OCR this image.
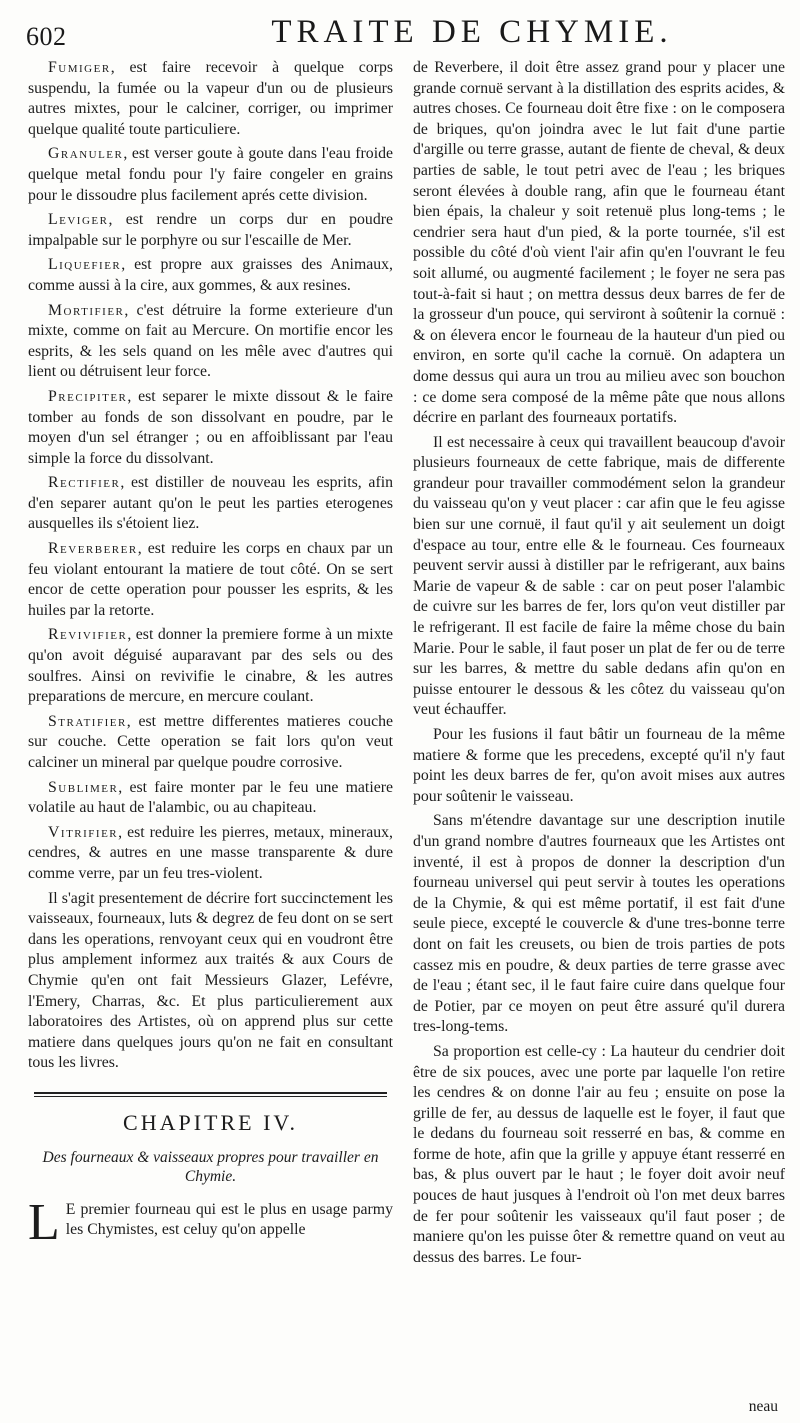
602	TRAITE DE CHYMIE.

Fumiger, est faire recevoir à quelque corps suspendu, la fumée ou la vapeur d'un ou de plusieurs autres mixtes, pour le calciner, corriger, ou imprimer quelque qualité toute particuliere.

Granuler, est verser goute à goute dans l'eau froide quelque metal fondu pour l'y faire congeler en grains pour le dissoudre plus facilement aprés cette division.

Leviger, est rendre un corps dur en poudre impalpable sur le porphyre ou sur l'escaille de Mer.

Liquefier, est propre aux graisses des Animaux, comme aussi à la cire, aux gommes, & aux resines.

Mortifier, c'est détruire la forme exterieure d'un mixte, comme on fait au Mercure. On mortifie encor les esprits, & les sels quand on les mêle avec d'autres qui lient ou détruisent leur force.

Precipiter, est separer le mixte dissout & le faire tomber au fonds de son dissolvant en poudre, par le moyen d'un sel étranger ; ou en affoiblissant par l'eau simple la force du dissolvant.

Rectifier, est distiller de nouveau les esprits, afin d'en separer autant qu'on le peut les parties eterogenes ausquelles ils s'étoient liez.

Reverberer, est reduire les corps en chaux par un feu violant entourant la matiere de tout côté. On se sert encor de cette operation pour pousser les esprits, & les huiles par la retorte.

Revivifier, est donner la premiere forme à un mixte qu'on avoit déguisé auparavant par des sels ou des soulfres. Ainsi on revivifie le cinabre, & les autres preparations de mercure, en mercure coulant.

Stratifier, est mettre differentes matieres couche sur couche. Cette operation se fait lors qu'on veut calciner un mineral par quelque poudre corrosive.

Sublimer, est faire monter par le feu une matiere volatile au haut de l'alambic, ou au chapiteau.

Vitrifier, est reduire les pierres, metaux, mineraux, cendres, & autres en une masse transparente & dure comme verre, par un feu tres-violent.

Il s'agit presentement de décrire fort succinctement les vaisseaux, fourneaux, luts & degrez de feu dont on se sert dans les operations, renvoyant ceux qui en voudront être plus amplement informez aux traités & aux Cours de Chymie qu'en ont fait Messieurs Glazer, Lefévre, l'Emery, Charras, &c. Et plus particulierement aux laboratoires des Artistes, où on apprend plus sur cette matiere dans quelques jours qu'on ne fait en consultant tous les livres.

CHAPITRE IV.

Des fourneaux & vaisseaux propres pour travailler en Chymie.

L E premier fourneau qui est le plus en usage parmy les Chymistes, est celuy qu'on appelle

de Reverbere, il doit être assez grand pour y placer une grande cornuë servant à la distillation des esprits acides, & autres choses. Ce fourneau doit être fixe : on le composera de briques, qu'on joindra avec le lut fait d'une partie d'argille ou terre grasse, autant de fiente de cheval, & deux parties de sable, le tout petri avec de l'eau ; les briques seront élevées à double rang, afin que le fourneau étant bien épais, la chaleur y soit retenuë plus long-tems ; le cendrier sera haut d'un pied, & la porte tournée, s'il est possible du côté d'où vient l'air afin qu'en l'ouvrant le feu soit allumé, ou augmenté facilement ; le foyer ne sera pas tout-à-fait si haut ; on mettra dessus deux barres de fer de la grosseur d'un pouce, qui serviront à soûtenir la cornuë : & on élevera encor le fourneau de la hauteur d'un pied ou environ, en sorte qu'il cache la cornuë. On adaptera un dome dessus qui aura un trou au milieu avec son bouchon : ce dome sera composé de la même pâte que nous allons décrire en parlant des fourneaux portatifs.

Il est necessaire à ceux qui travaillent beaucoup d'avoir plusieurs fourneaux de cette fabrique, mais de differente grandeur pour travailler commodément selon la grandeur du vaisseau qu'on y veut placer : car afin que le feu agisse bien sur une cornuë, il faut qu'il y ait seulement un doigt d'espace au tour, entre elle & le fourneau. Ces fourneaux peuvent servir aussi à distiller par le refrigerant, aux bains Marie de vapeur & de sable : car on peut poser l'alambic de cuivre sur les barres de fer, lors qu'on veut distiller par le refrigerant. Il est facile de faire la même chose du bain Marie. Pour le sable, il faut poser un plat de fer ou de terre sur les barres, & mettre du sable dedans afin qu'on en puisse entourer le dessous & les côtez du vaisseau qu'on veut échauffer.

Pour les fusions il faut bâtir un fourneau de la même matiere & forme que les precedens, excepté qu'il n'y faut point les deux barres de fer, qu'on avoit mises aux autres pour soûtenir le vaisseau.

Sans m'étendre davantage sur une description inutile d'un grand nombre d'autres fourneaux que les Artistes ont inventé, il est à propos de donner la description d'un fourneau universel qui peut servir à toutes les operations de la Chymie, & qui est même portatif, il est fait d'une seule piece, excepté le couvercle & d'une tres-bonne terre dont on fait les creusets, ou bien de trois parties de pots cassez mis en poudre, & deux parties de terre grasse avec de l'eau ; étant sec, il le faut faire cuire dans quelque four de Potier, par ce moyen on peut être assuré qu'il durera tres-long-tems.

Sa proportion est celle-cy : La hauteur du cendrier doit être de six pouces, avec une porte par laquelle l'on retire les cendres & on donne l'air au feu ; ensuite on pose la grille de fer, au dessus de laquelle est le foyer, il faut que le dedans du fourneau soit resserré en bas, & comme en forme de hote, afin que la grille y appuye étant resserré en bas, & plus ouvert par le haut ; le foyer doit avoir neuf pouces de haut jusques à l'endroit où l'on met deux barres de fer pour soûtenir les vaisseaux qu'il faut poser ; de maniere qu'on les puisse ôter & remettre quand on veut au dessus des barres. Le four-

neau
